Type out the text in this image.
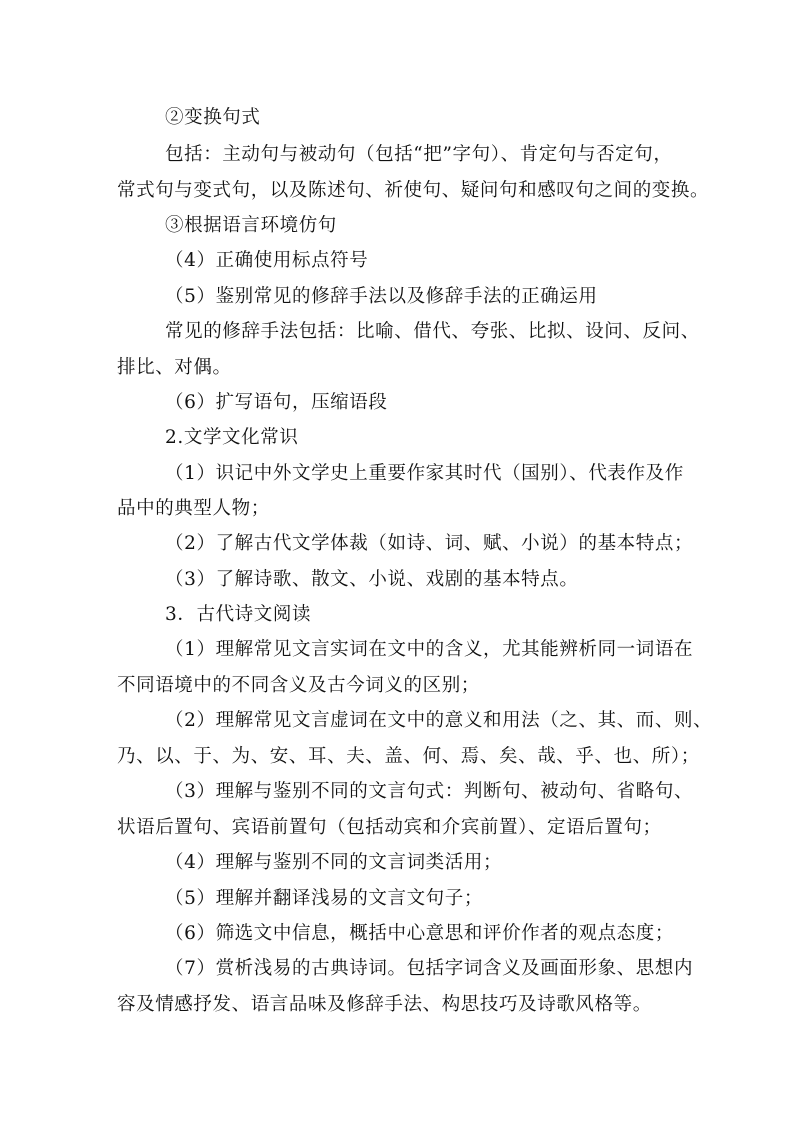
②变换句式
包括：主动句与被动句（包括“把”字句）、肯定句与否定句，
常式句与变式句，以及陈述句、祈使句、疑问句和感叹句之间的变换。
③根据语言环境仿句
（4）正确使用标点符号
（5）鉴别常见的修辞手法以及修辞手法的正确运用
常见的修辞手法包括：比喻、借代、夸张、比拟、设问、反问、
排比、对偶。
（6）扩写语句，压缩语段
2.文学文化常识
（1）识记中外文学史上重要作家其时代（国别）、代表作及作
品中的典型人物；
（2）了解古代文学体裁（如诗、词、赋、小说）的基本特点；
（3）了解诗歌、散文、小说、戏剧的基本特点。
3．古代诗文阅读
（1）理解常见文言实词在文中的含义，尤其能辨析同一词语在
不同语境中的不同含义及古今词义的区别；
（2）理解常见文言虚词在文中的意义和用法（之、其、而、则、
乃、以、于、为、安、耳、夫、盖、何、焉、矣、哉、乎、也、所）；
（3）理解与鉴别不同的文言句式：判断句、被动句、省略句、
状语后置句、宾语前置句（包括动宾和介宾前置）、定语后置句；
（4）理解与鉴别不同的文言词类活用；
（5）理解并翻译浅易的文言文句子；
（6）筛选文中信息，概括中心意思和评价作者的观点态度；
（7）赏析浅易的古典诗词。包括字词含义及画面形象、思想内
容及情感抒发、语言品味及修辞手法、构思技巧及诗歌风格等。
